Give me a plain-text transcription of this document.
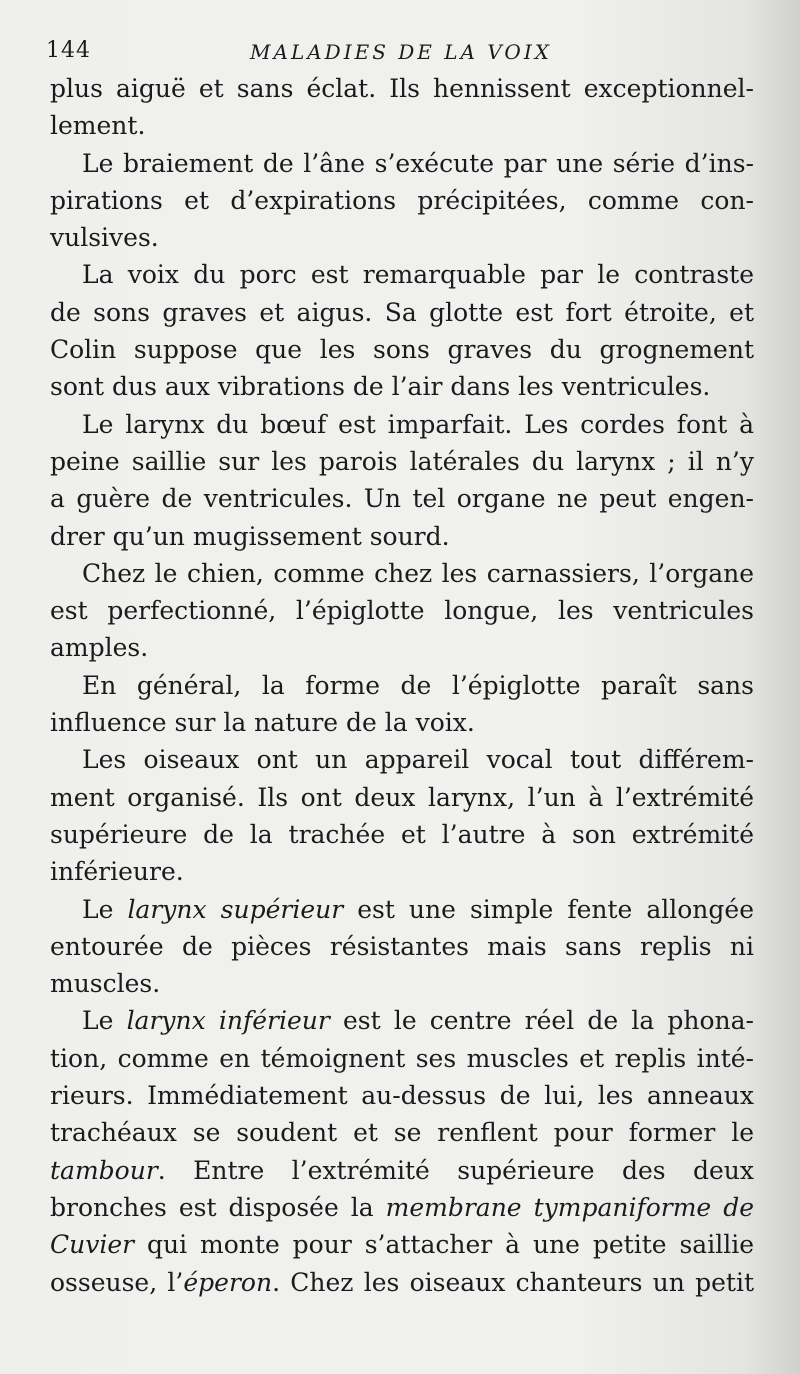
144	MALADIES DE LA VOIX
plus aiguë et sans éclat. Ils hennissent exceptionnel-
lement.
Le braiement de l’âne s’exécute par une série d’ins-
pirations et d’expirations précipitées, comme con-
vulsives.
La voix du porc est remarquable par le contraste
de sons graves et aigus. Sa glotte est fort étroite, et
Colin suppose que les sons graves du grognement
sont dus aux vibrations de l’air dans les ventricules.
Le larynx du bœuf est imparfait. Les cordes font à
peine saillie sur les parois latérales du larynx ; il n’y
a guère de ventricules. Un tel organe ne peut engen-
drer qu’un mugissement sourd.
Chez le chien, comme chez les carnassiers, l’organe
est perfectionné, l’épiglotte longue, les ventricules
amples.
En général, la forme de l’épiglotte paraît sans
influence sur la nature de la voix.
Les oiseaux ont un appareil vocal tout différem-
ment organisé. Ils ont deux larynx, l’un à l’extrémité
supérieure de la trachée et l’autre à son extrémité
inférieure.
Le larynx supérieur est une simple fente allongée
entourée de pièces résistantes mais sans replis ni
muscles.
Le larynx inférieur est le centre réel de la phona-
tion, comme en témoignent ses muscles et replis inté-
rieurs. Immédiatement au-dessus de lui, les anneaux
trachéaux se soudent et se renflent pour former le
tambour. Entre l’extrémité supérieure des deux
bronches est disposée la membrane tympaniforme de
Cuvier qui monte pour s’attacher à une petite saillie
osseuse, l’éperon. Chez les oiseaux chanteurs un petit
